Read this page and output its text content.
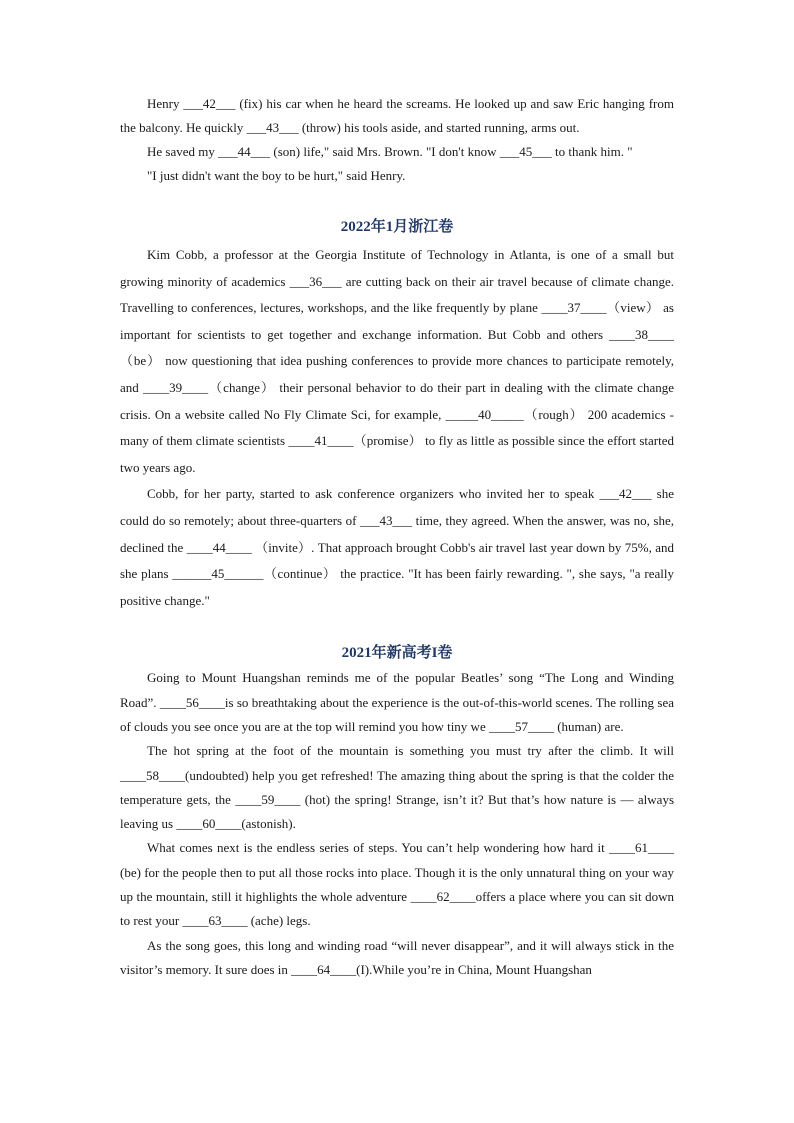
Henry ___42___ (fix) his car when he heard the screams. He looked up and saw Eric hanging from the balcony. He quickly ___43___ (throw) his tools aside, and started running, arms out.

He saved my ___44___ (son) life," said Mrs. Brown. "I don't know ___45___ to thank him. "

"I just didn't want the boy to be hurt," said Henry.

2022年1月浙江卷

Kim Cobb, a professor at the Georgia Institute of Technology in Atlanta, is one of a small but growing minority of academics ___36___ are cutting back on their air travel because of climate change. Travelling to conferences, lectures, workshops, and the like frequently by plane ____37____（view） as important for scientists to get together and exchange information. But Cobb and others ____38____ （be） now questioning that idea pushing conferences to provide more chances to participate remotely, and ____39____（change） their personal behavior to do their part in dealing with the climate change crisis. On a website called No Fly Climate Sci, for example, _____40_____（rough） 200 academics - many of them climate scientists ____41____（promise） to fly as little as possible since the effort started two years ago.

Cobb, for her party, started to ask conference organizers who invited her to speak ___42___ she could do so remotely; about three-quarters of ___43___ time, they agreed. When the answer, was no, she, declined the ____44____ （invite）. That approach brought Cobb's air travel last year down by 75%, and she plans ______45______（continue） the practice. "It has been fairly rewarding. ", she says, "a really positive change."

2021年新高考I卷

Going to Mount Huangshan reminds me of the popular Beatles’ song “The Long and Winding Road”. ____56____is so breathtaking about the experience is the out-of-this-world scenes. The rolling sea of clouds you see once you are at the top will remind you how tiny we ____57____ (human) are.

The hot spring at the foot of the mountain is something you must try after the climb. It will ____58____(undoubted) help you get refreshed! The amazing thing about the spring is that the colder the temperature gets, the ____59____ (hot) the spring! Strange, isn’t it? But that’s how nature is — always leaving us ____60____(astonish).

What comes next is the endless series of steps. You can’t help wondering how hard it ____61____ (be) for the people then to put all those rocks into place. Though it is the only unnatural thing on your way up the mountain, still it highlights the whole adventure ____62____offers a place where you can sit down to rest your ____63____ (ache) legs.

As the song goes, this long and winding road “will never disappear”, and it will always stick in the visitor’s memory. It sure does in ____64____(I).While you’re in China, Mount Huangshan
